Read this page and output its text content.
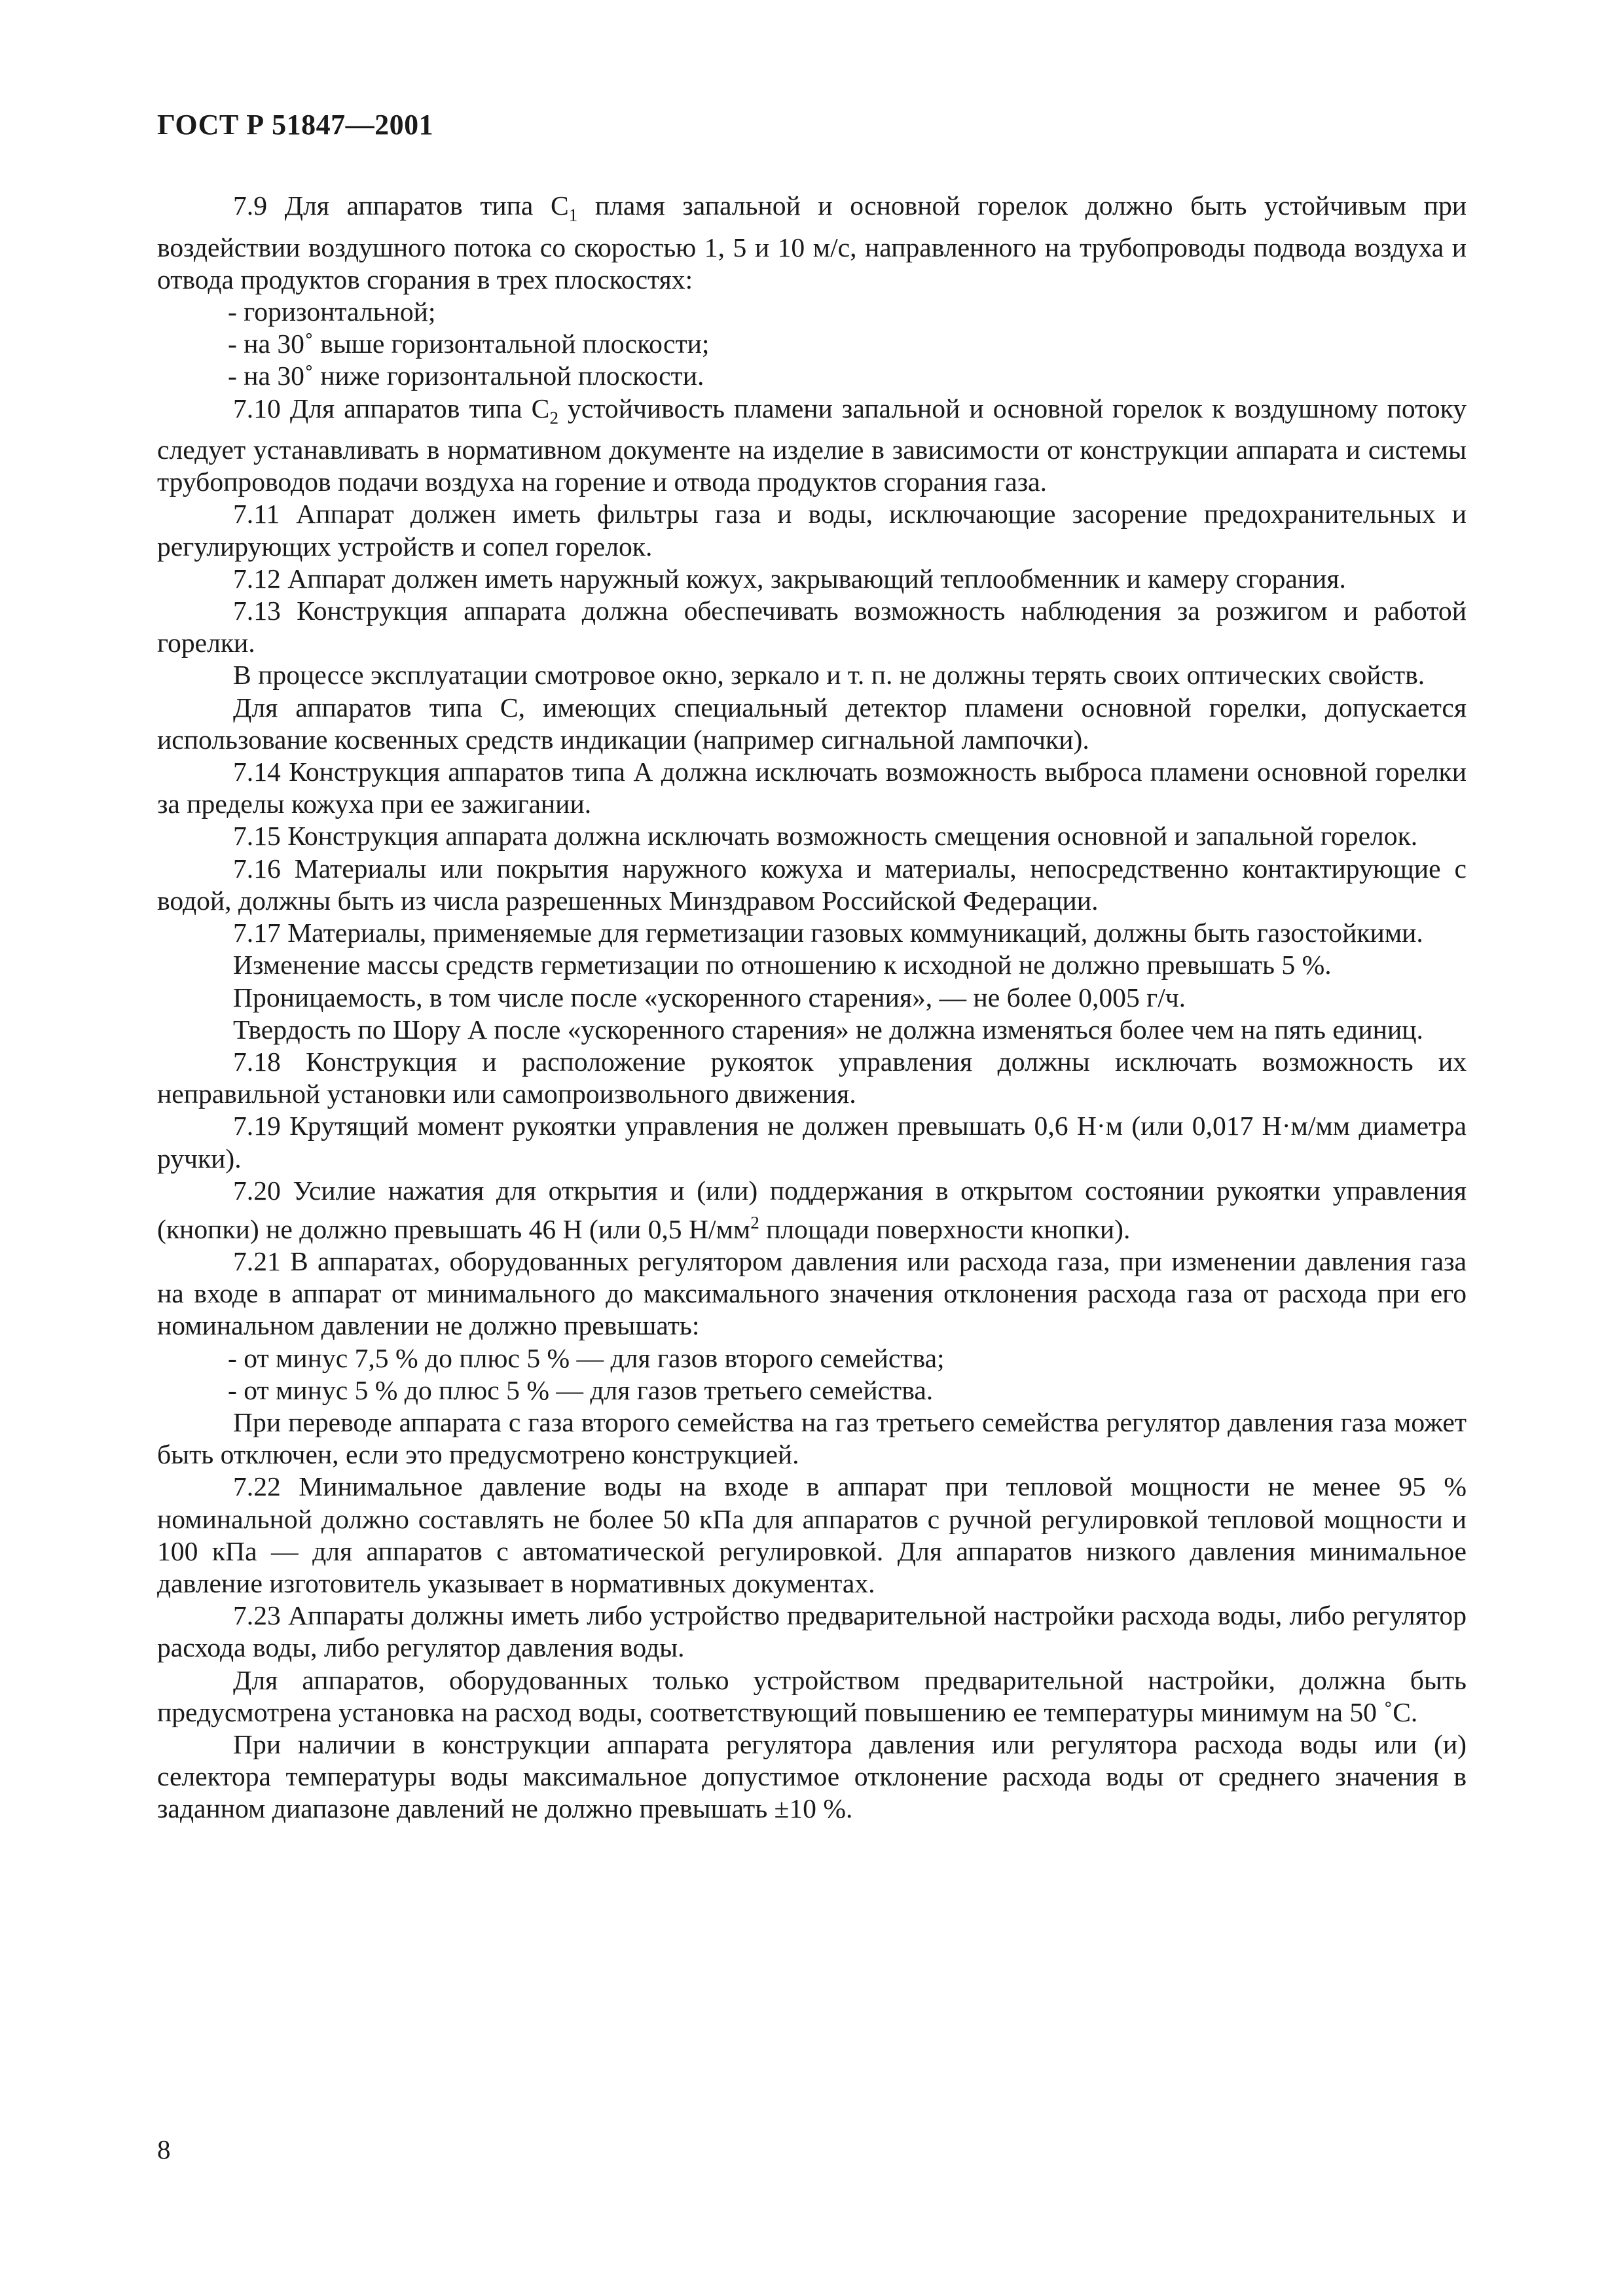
ГОСТ Р 51847—2001

7.9 Для аппаратов типа $С_1$ пламя запальной и основной горелок должно быть устойчивым при воздействии воздушного потока со скоростью 1, 5 и 10 м/с, направленного на трубопроводы подвода воздуха и отвода продуктов сгорания в трех плоскостях:

- горизонтальной;

- на 30˚ выше горизонтальной плоскости;

- на 30˚ ниже горизонтальной плоскости.

7.10 Для аппаратов типа $С_2$ устойчивость пламени запальной и основной горелок к воздушному потоку следует устанавливать в нормативном документе на изделие в зависимости от конструкции аппарата и системы трубопроводов подачи воздуха на горение и отвода продуктов сгорания газа.

7.11 Аппарат должен иметь фильтры газа и воды, исключающие засорение предохранительных и регулирующих устройств и сопел горелок.

7.12 Аппарат должен иметь наружный кожух, закрывающий теплообменник и камеру сгорания.

7.13 Конструкция аппарата должна обеспечивать возможность наблюдения за розжигом и работой горелки.

В процессе эксплуатации смотровое окно, зеркало и т. п. не должны терять своих оптических свойств.

Для аппаратов типа С, имеющих специальный детектор пламени основной горелки, допускается использование косвенных средств индикации (например сигнальной лампочки).

7.14 Конструкция аппаратов типа А должна исключать возможность выброса пламени основной горелки за пределы кожуха при ее зажигании.

7.15 Конструкция аппарата должна исключать возможность смещения основной и запальной горелок.

7.16 Материалы или покрытия наружного кожуха и материалы, непосредственно контактирующие с водой, должны быть из числа разрешенных Минздравом Российской Федерации.

7.17 Материалы, применяемые для герметизации газовых коммуникаций, должны быть газостойкими.

Изменение массы средств герметизации по отношению к исходной не должно превышать 5 %.

Проницаемость, в том числе после «ускоренного старения», — не более 0,005 г/ч.

Твердость по Шору А после «ускоренного старения» не должна изменяться более чем на пять единиц.

7.18 Конструкция и расположение рукояток управления должны исключать возможность их неправильной установки или самопроизвольного движения.

7.19 Крутящий момент рукоятки управления не должен превышать 0,6 Н·м (или 0,017 Н·м/мм диаметра ручки).

7.20 Усилие нажатия для открытия и (или) поддержания в открытом состоянии рукоятки управления (кнопки) не должно превышать 46 Н (или 0,5 $Н/мм^2$ площади поверхности кнопки).

7.21 В аппаратах, оборудованных регулятором давления или расхода газа, при изменении давления газа на входе в аппарат от минимального до максимального значения отклонения расхода газа от расхода при его номинальном давлении не должно превышать:

- от минус 7,5 % до плюс 5 % — для газов второго семейства;

- от минус 5 % до плюс 5 % — для газов третьего семейства.

При переводе аппарата с газа второго семейства на газ третьего семейства регулятор давления газа может быть отключен, если это предусмотрено конструкцией.

7.22 Минимальное давление воды на входе в аппарат при тепловой мощности не менее 95 % номинальной должно составлять не более 50 кПа для аппаратов с ручной регулировкой тепловой мощности и 100 кПа — для аппаратов с автоматической регулировкой. Для аппаратов низкого давления минимальное давление изготовитель указывает в нормативных документах.

7.23 Аппараты должны иметь либо устройство предварительной настройки расхода воды, либо регулятор расхода воды, либо регулятор давления воды.

Для аппаратов, оборудованных только устройством предварительной настройки, должна быть предусмотрена установка на расход воды, соответствующий повышению ее температуры минимум на 50 ˚С.

При наличии в конструкции аппарата регулятора давления или регулятора расхода воды или (и) селектора температуры воды максимальное допустимое отклонение расхода воды от среднего значения в заданном диапазоне давлений не должно превышать ±10 %.

8
